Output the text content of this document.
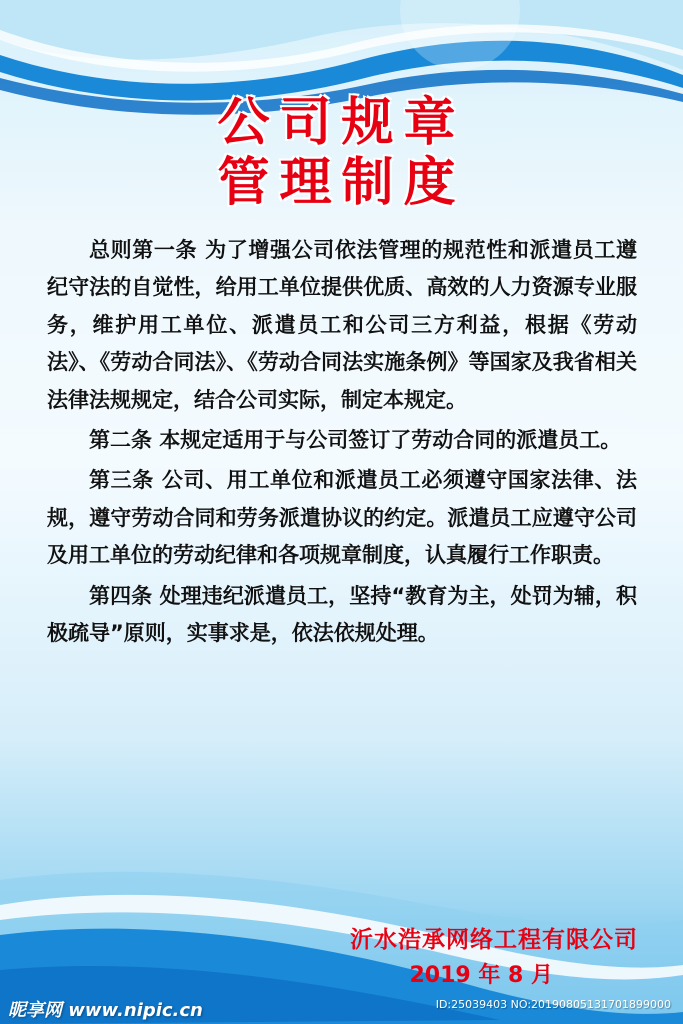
公司规章
管理制度

总则第一条 为了增强公司依法管理的规范性和派遣员工遵纪守法的自觉性，给用工单位提供优质、高效的人力资源专业服务，维护用工单位、派遣员工和公司三方利益，根据《劳动法》、《劳动合同法》、《劳动合同法实施条例》等国家及我省相关法律法规规定，结合公司实际，制定本规定。

第二条 本规定适用于与公司签订了劳动合同的派遣员工。

第三条 公司、用工单位和派遣员工必须遵守国家法律、法规，遵守劳动合同和劳务派遣协议的约定。派遣员工应遵守公司及用工单位的劳动纪律和各项规章制度，认真履行工作职责。

第四条 处理违纪派遣员工，坚持“教育为主，处罚为辅，积极疏导”原则，实事求是，依法依规处理。

沂水浩承网络工程有限公司
2019 年 8 月
昵享网 www.nipic.cn	ID:25039403 NO:20190805131701899000
